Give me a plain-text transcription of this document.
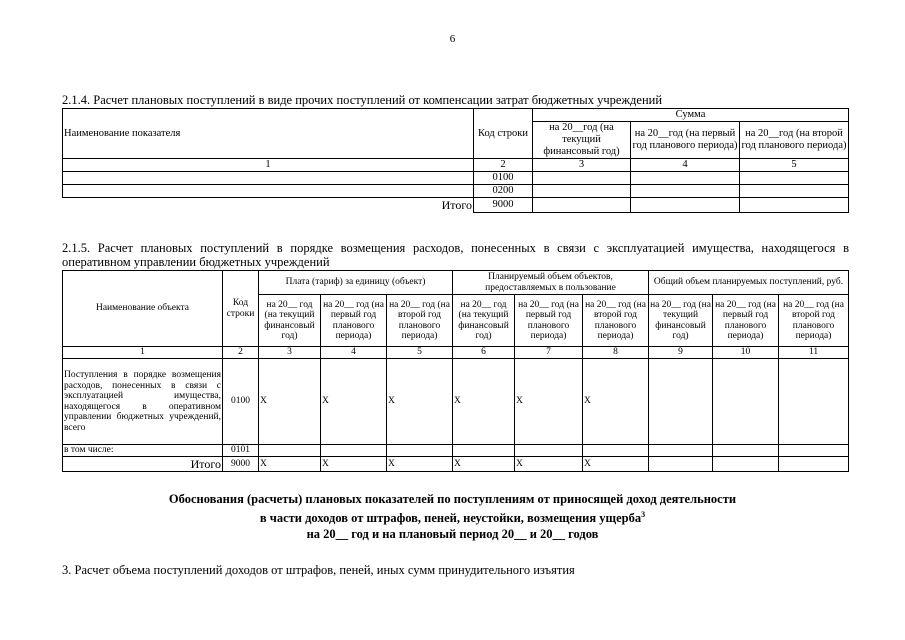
6
2.1.4. Расчет плановых поступлений в виде прочих поступлений от компенсации затрат бюджетных учреждений
Наименование показателя	Код строки	Сумма		
		на 20__год (на текущий финансовый год)	на 20__год (на первый год планового периода)	на 20__год (на второй год планового периода)
1	2	3	4	5
	0100			
	0200			
Итого	9000			
2.1.5. Расчет плановых поступлений в порядке возмещения расходов, понесенных в связи с эксплуатацией имущества, находящегося в оперативном управлении бюджетных учреждений
Наименование объекта	Код строки	Плата (тариф) за единицу (объект)			Планируемый объем объектов, предоставляемых в пользование			Общий объем планируемых поступлений, руб.		
		на 20__ год (на текущий финансовый год)	на 20__ год (на первый год планового периода)	на 20__ год (на второй год планового периода)	на 20__ год (на текущий финансовый год)	на 20__ год (на первый год планового периода)	на 20__ год (на второй год планового периода)	на 20__ год (на текущий финансовый год)	на 20__ год (на первый год планового периода)	на 20__ год (на второй год планового периода)
1	2	3	4	5	6	7	8	9	10	11
Поступления в порядке возмещения расходов, понесенных в связи с эксплуатацией имущества, находящегося в оперативном управлении бюджетных учреждений, всего	0100	X	X	X	X	X	X			
в том числе:	0101									
Итого	9000	X	X	X	X	X	X			
Обоснования (расчеты) плановых показателей по поступлениям от приносящей доход деятельности
в части доходов от штрафов, пеней, неустойки, возмещения ущерба$^3$
на 20__ год и на плановый период 20__ и 20__ годов
3. Расчет объема поступлений доходов от штрафов, пеней, иных сумм принудительного изъятия
